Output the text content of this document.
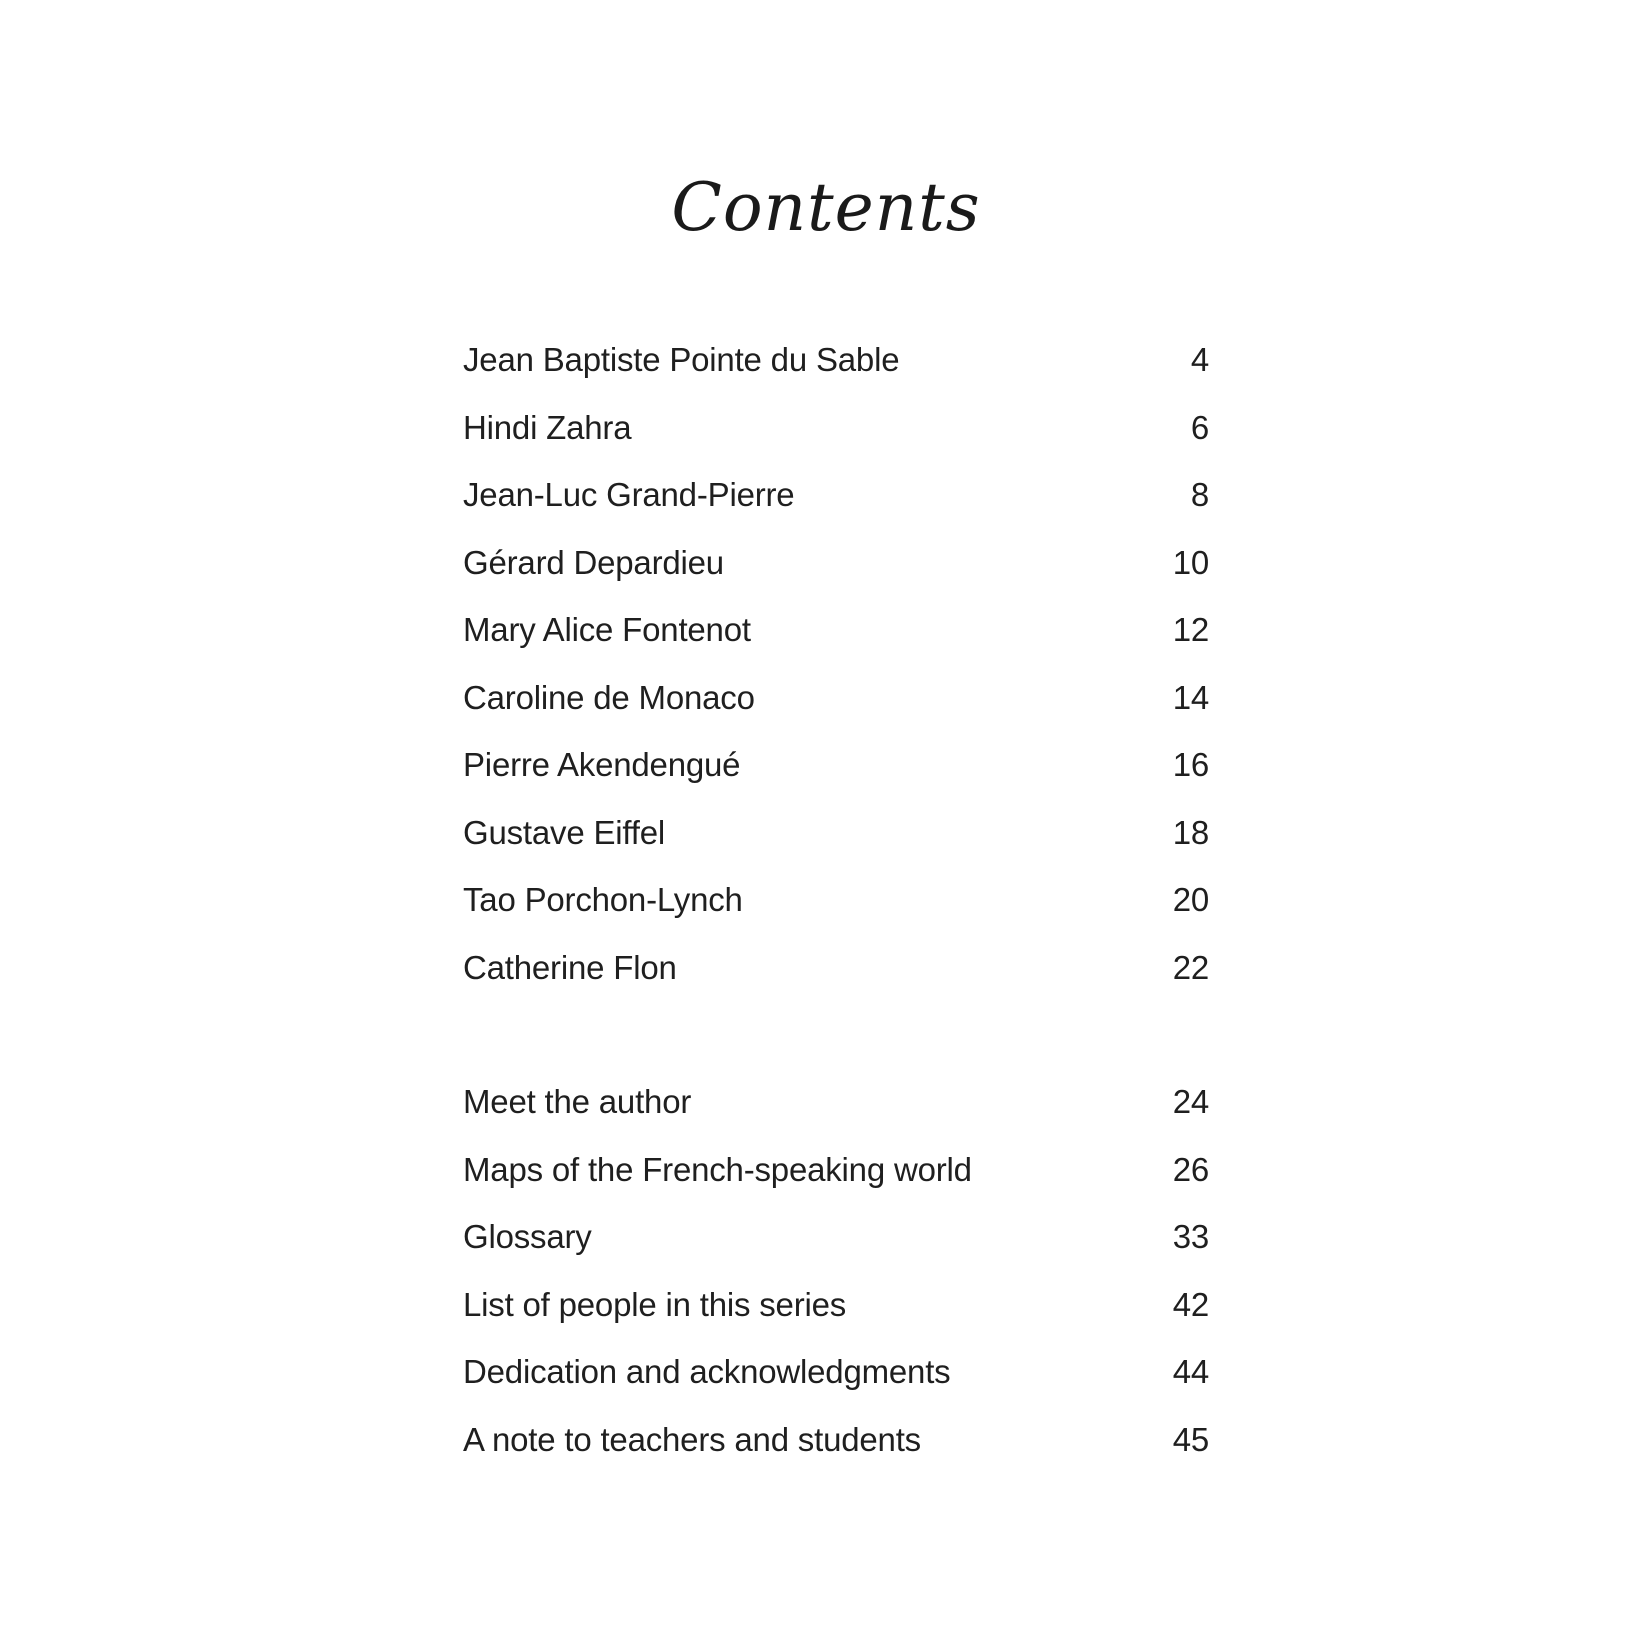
Contents
Jean Baptiste Pointe du Sable	4
Hindi Zahra	6
Jean-Luc Grand-Pierre	8
Gérard Depardieu	10
Mary Alice Fontenot	12
Caroline de Monaco	14
Pierre Akendengué	16
Gustave Eiffel	18
Tao Porchon-Lynch	20
Catherine Flon	22
Meet the author	24
Maps of the French-speaking world	26
Glossary	33
List of people in this series	42
Dedication and acknowledgments	44
A note to teachers and students	45
